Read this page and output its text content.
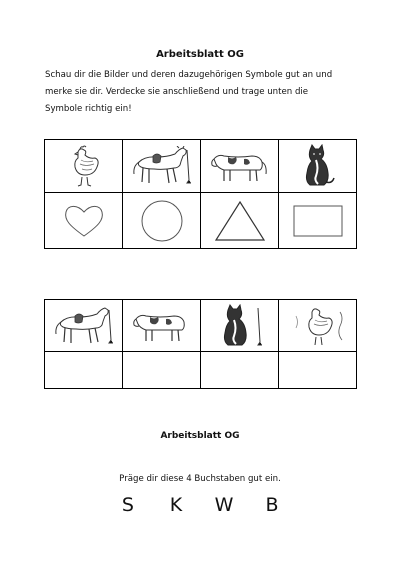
Arbeitsblatt OG
Schau dir die Bilder und deren dazugehörigen Symbole gut an und
merke sie dir. Verdecke sie anschließend und trage unten die
Symbole richtig ein!

Arbeitsblatt OG
Präge dir diese 4 Buchstaben gut ein.
S K W B
